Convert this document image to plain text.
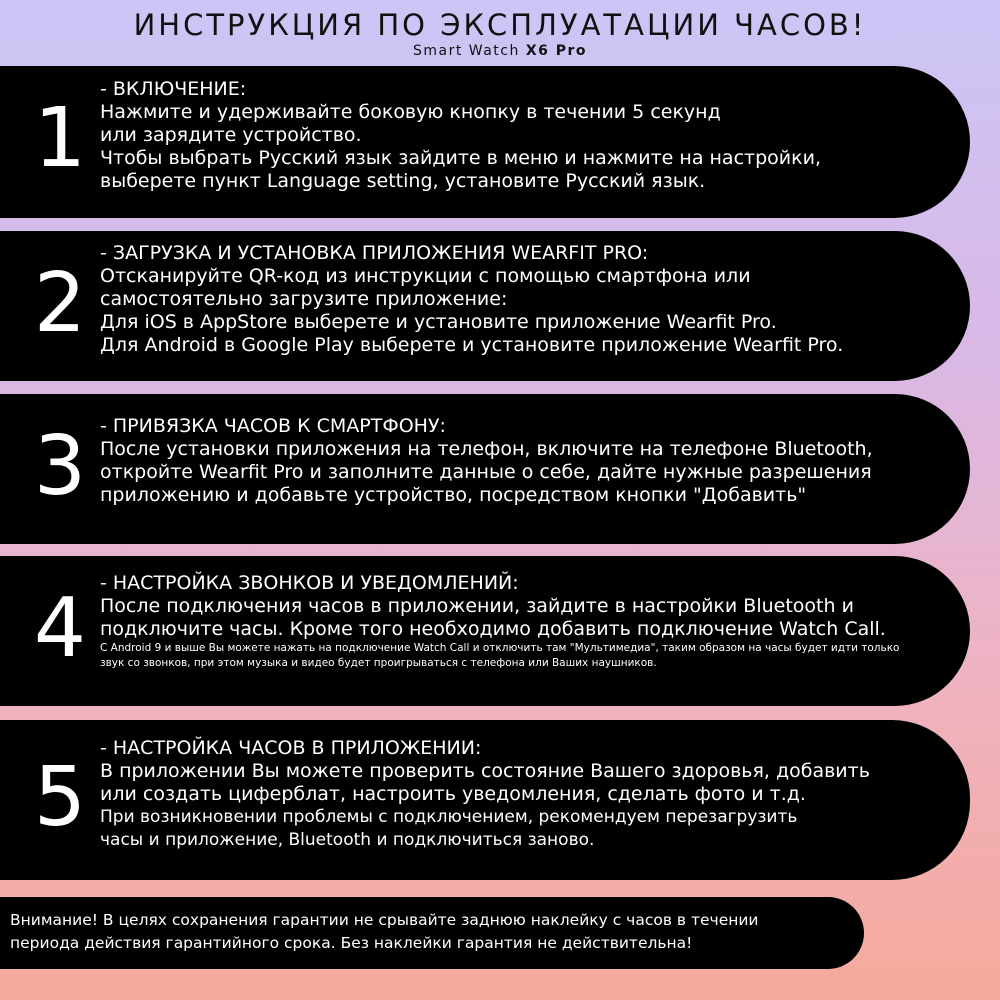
ИНСТРУКЦИЯ ПО ЭКСПЛУАТАЦИИ ЧАСОВ!
Smart Watch X6 Pro
1
- ВКЛЮЧЕНИЕ:
Нажмите и удерживайте боковую кнопку в течении 5 секунд
или зарядите устройство.
Чтобы выбрать Русский язык зайдите в меню и нажмите на настройки,
выберете пункт Language setting, установите Русский язык.
2
- ЗАГРУЗКА И УСТАНОВКА ПРИЛОЖЕНИЯ WEARFIT PRO:
Отсканируйте QR-код из инструкции с помощью смартфона или
самостоятельно загрузите приложение:
Для iOS в AppStore выберете и установите приложение Wearfit Pro.
Для Android в Google Play выберете и установите приложение Wearfit Pro.
3 - ПРИВЯЗКА ЧАСОВ К СМАРТФОНУ:
После установки приложения на телефон, включите на телефоне Bluetooth,
откройте Wearfit Pro и заполните данные о себе, дайте нужные разрешения
приложению и добавьте устройство, посредством кнопки "Добавить"
4 - НАСТРОЙКА ЗВОНКОВ И УВЕДОМЛЕНИЙ:
После подключения часов в приложении, зайдите в настройки Bluetooth и
подключите часы. Кроме того необходимо добавить подключение Watch Call.
С Android 9 и выше Вы можете нажать на подключение Watch Call и отключить там "Мультимедиа", таким образом на часы будет идти только
звук со звонков, при этом музыка и видео будет проигрываться с телефона или Ваших наушников.
5
- НАСТРОЙКА ЧАСОВ В ПРИЛОЖЕНИИ:
В приложении Вы можете проверить состояние Вашего здоровья, добавить
или создать циферблат, настроить уведомления, сделать фото и т.д.
При возникновении проблемы с подключением, рекомендуем перезагрузить
часы и приложение, Bluetooth и подключиться заново.
Внимание! В целях сохранения гарантии не срывайте заднюю наклейку с часов в течении
периода действия гарантийного срока. Без наклейки гарантия не действительна!
